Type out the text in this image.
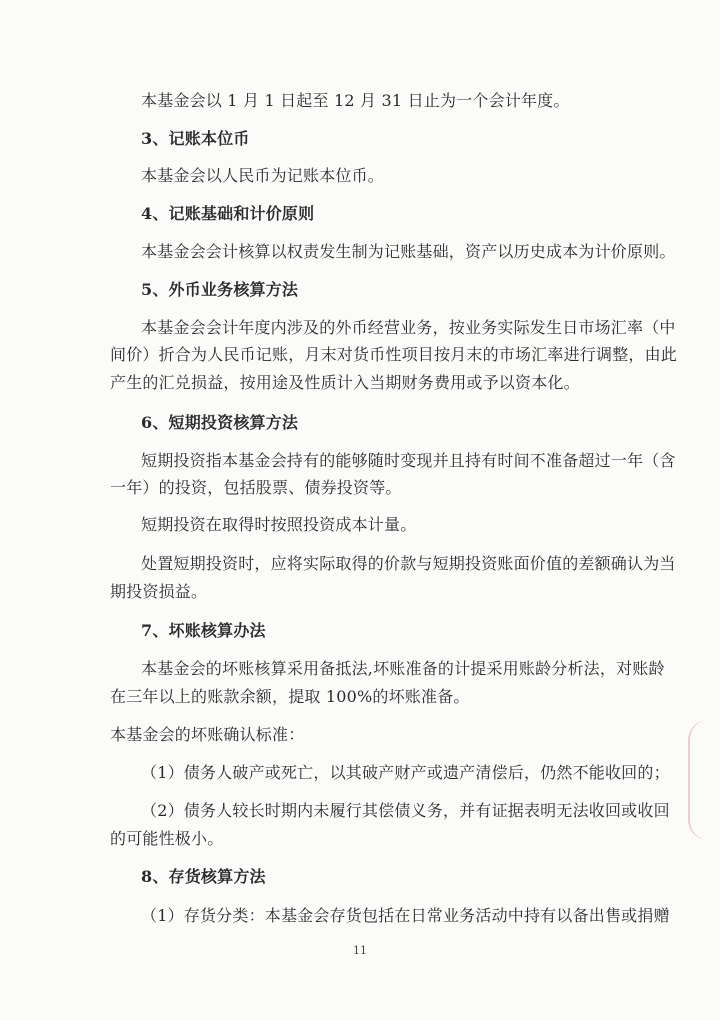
本基金会以 1 月 1 日起至 12 月 31 日止为一个会计年度。
3、记账本位币
本基金会以人民币为记账本位币。
4、记账基础和计价原则
本基金会会计核算以权责发生制为记账基础，资产以历史成本为计价原则。
5、外币业务核算方法
本基金会会计年度内涉及的外币经营业务，按业务实际发生日市场汇率（中
间价）折合为人民币记账，月末对货币性项目按月末的市场汇率进行调整，由此
产生的汇兑损益，按用途及性质计入当期财务费用或予以资本化。
6、短期投资核算方法
短期投资指本基金会持有的能够随时变现并且持有时间不准备超过一年（含
一年）的投资，包括股票、债券投资等。
短期投资在取得时按照投资成本计量。
处置短期投资时，应将实际取得的价款与短期投资账面价值的差额确认为当
期投资损益。
7、坏账核算办法
本基金会的坏账核算采用备抵法,坏账准备的计提采用账龄分析法，对账龄
在三年以上的账款余额，提取 100%的坏账准备。
本基金会的坏账确认标准：
（1）债务人破产或死亡，以其破产财产或遗产清偿后，仍然不能收回的；
（2）债务人较长时期内未履行其偿债义务，并有证据表明无法收回或收回
的可能性极小。
8、存货核算方法
（1）存货分类：本基金会存货包括在日常业务活动中持有以备出售或捐赠
11
